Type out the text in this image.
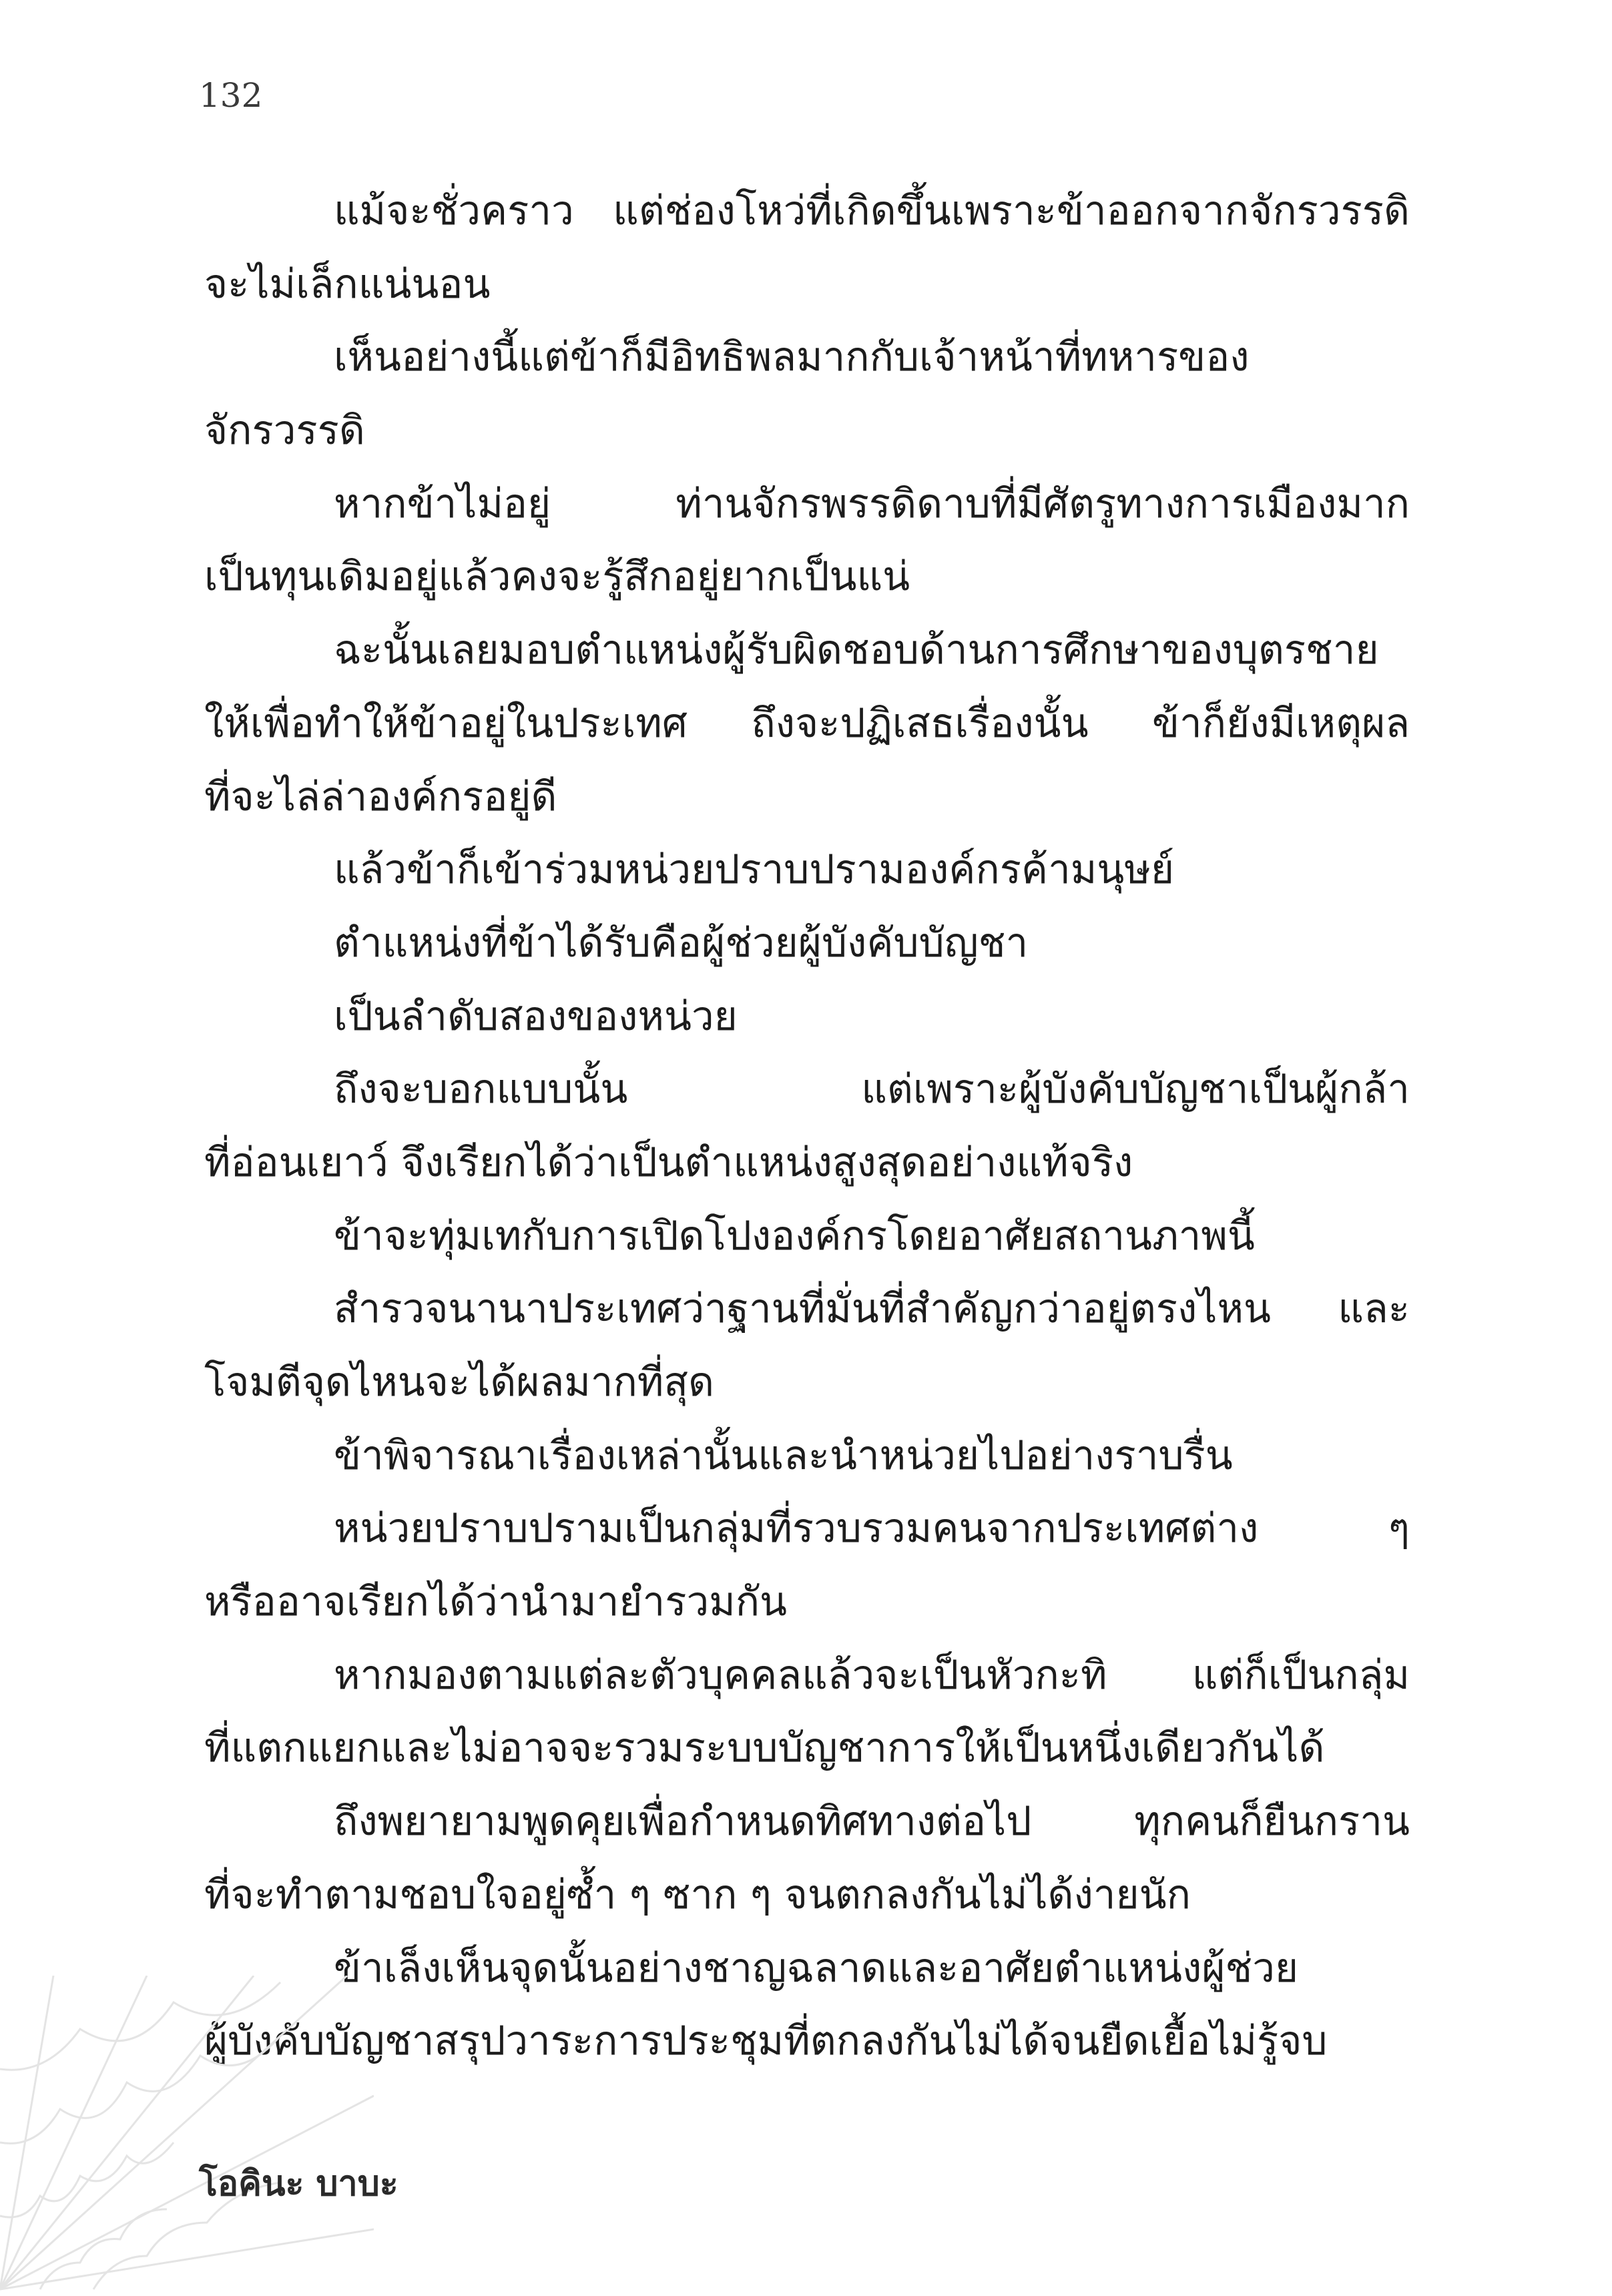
132
แม้จะชั่วคราว แต่ช่องโหว่ที่เกิดขึ้นเพราะข้าออกจากจักรวรรดิ
จะไม่เล็กแน่นอน
เห็นอย่างนี้แต่ข้าก็มีอิทธิพลมากกับเจ้าหน้าที่ทหารของ
จักรวรรดิ
หากข้าไม่อยู่ ท่านจักรพรรดิดาบที่มีศัตรูทางการเมืองมาก
เป็นทุนเดิมอยู่แล้วคงจะรู้สึกอยู่ยากเป็นแน่
ฉะนั้นเลยมอบตำแหน่งผู้รับผิดชอบด้านการศึกษาของบุตรชาย
ให้เพื่อทำให้ข้าอยู่ในประเทศ ถึงจะปฏิเสธเรื่องนั้น ข้าก็ยังมีเหตุผล
ที่จะไล่ล่าองค์กรอยู่ดี
แล้วข้าก็เข้าร่วมหน่วยปราบปรามองค์กรค้ามนุษย์
ตำแหน่งที่ข้าได้รับคือผู้ช่วยผู้บังคับบัญชา
เป็นลำดับสองของหน่วย
ถึงจะบอกแบบนั้น แต่เพราะผู้บังคับบัญชาเป็นผู้กล้า
ที่อ่อนเยาว์ จึงเรียกได้ว่าเป็นตำแหน่งสูงสุดอย่างแท้จริง
ข้าจะทุ่มเทกับการเปิดโปงองค์กรโดยอาศัยสถานภาพนี้
สำรวจนานาประเทศว่าฐานที่มั่นที่สำคัญกว่าอยู่ตรงไหน และ
โจมตีจุดไหนจะได้ผลมากที่สุด
ข้าพิจารณาเรื่องเหล่านั้นและนำหน่วยไปอย่างราบรื่น
หน่วยปราบปรามเป็นกลุ่มที่รวบรวมคนจากประเทศต่าง ๆ
หรืออาจเรียกได้ว่านำมายำรวมกัน
หากมองตามแต่ละตัวบุคคลแล้วจะเป็นหัวกะทิ แต่ก็เป็นกลุ่ม
ที่แตกแยกและไม่อาจจะรวมระบบบัญชาการให้เป็นหนึ่งเดียวกันได้
ถึงพยายามพูดคุยเพื่อกำหนดทิศทางต่อไป ทุกคนก็ยืนกราน
ที่จะทำตามชอบใจอยู่ซ้ำ ๆ ซาก ๆ จนตกลงกันไม่ได้ง่ายนัก
ข้าเล็งเห็นจุดนั้นอย่างชาญฉลาดและอาศัยตำแหน่งผู้ช่วย
ผู้บังคับบัญชาสรุปวาระการประชุมที่ตกลงกันไม่ได้จนยืดเยื้อไม่รู้จบ
โอคินะ บาบะ
